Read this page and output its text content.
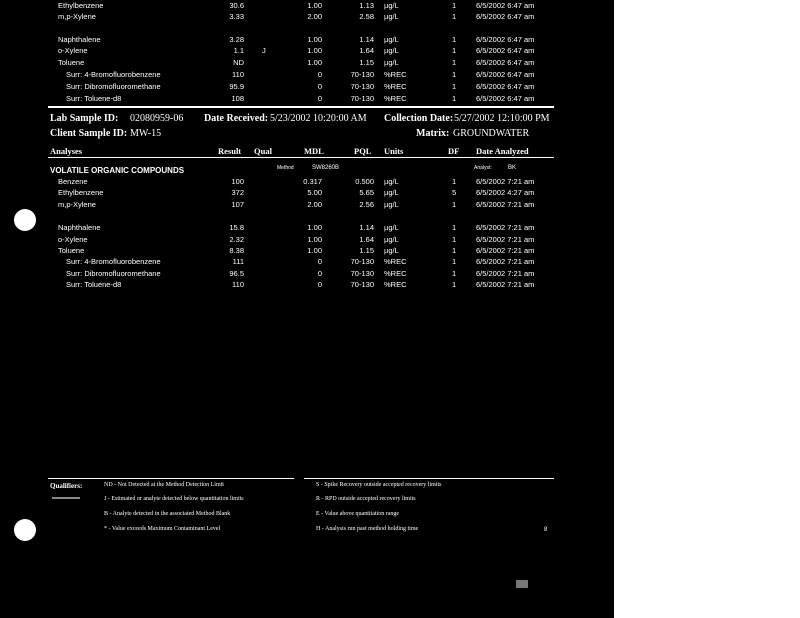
Ethylbenzene	30.6	1.00	1.13 µg/L	1	6/5/2002 6:47 am
m,p-Xylene	3.33	2.00	2.58 µg/L	1	6/5/2002 6:47 am
Naphthalene	3.28	1.00	1.14 µg/L	1	6/5/2002 6:47 am
o-Xylene	1.1 J	1.00	1.64 µg/L	1	6/5/2002 6:47 am
Toluene	ND	1.00	1.15 µg/L	1	6/5/2002 6:47 am
Surr: 4-Bromofluorobenzene	110	0	70-130 %REC	1	6/5/2002 6:47 am
Surr: Dibromofluoromethane	95.9	0	70-130 %REC	1	6/5/2002 6:47 am
Surr: Toluene-d8	108	0	70-130 %REC	1	6/5/2002 6:47 am
Lab Sample ID: 02080959-06 Date Received: 5/23/2002 10:20:00 AM Collection Date: 5/27/2002 12:10:00 PM
Client Sample ID: MW-15	Matrix: GROUNDWATER
Analyses	Result Qual	MDL	PQL Units	DF Date Analyzed
VOLATILE ORGANIC COMPOUNDS	Method	SW8260B	Analyst:	BK
Benzene	100	0.317	0.500 µg/L	1	6/5/2002 7:21 am
Ethylbenzene	372	5.00	5.65 µg/L	5	6/5/2002 4:27 am
m,p-Xylene	107	2.00	2.56 µg/L	1	6/5/2002 7:21 am
Naphthalene	15.8	1.00	1.14 µg/L	1	6/5/2002 7:21 am
o-Xylene	2.32	1.00	1.64 µg/L	1	6/5/2002 7:21 am
Toluene	8.38	1.00	1.15 µg/L	1	6/5/2002 7:21 am
Surr: 4-Bromofluorobenzene	111	0	70-130 %REC	1	6/5/2002 7:21 am
Surr: Dibromofluoromethane	96.5	0	70-130 %REC	1	6/5/2002 7:21 am
Surr: Toluene-d8	110	0	70-130 %REC	1	6/5/2002 7:21 am
Qualifiers:	ND - Not Detected at the Method Detection Limit
J - Estimated or analyte detected below quantitation limits
B - Analyte detected in the associated Method Blank
* - Value exceeds Maximum Contaminant Level
S - Spike Recovery outside accepted recovery limits
R - RPD outside accepted recovery limits
E - Value above quantitation range
H - Analysis run past method holding time	8
